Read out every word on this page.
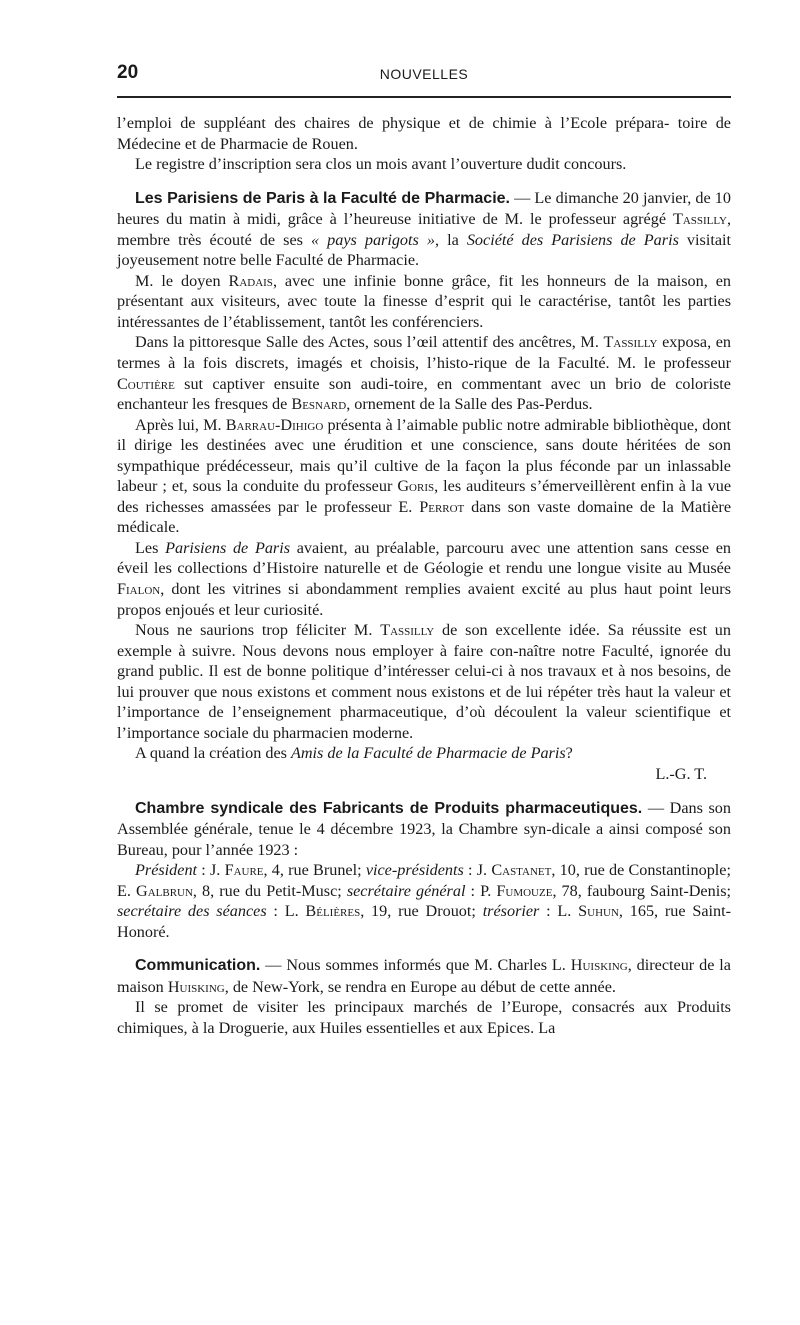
20	NOUVELLES

l’emploi de suppléant des chaires de physique et de chimie à l’Ecole prépara- toire de Médecine et de Pharmacie de Rouen.

Le registre d’inscription sera clos un mois avant l’ouverture dudit concours.

Les Parisiens de Paris à la Faculté de Pharmacie. — Le dimanche 20 janvier, de 10 heures du matin à midi, grâce à l’heureuse initiative de M. le professeur agrégé Tassilly, membre très écouté de ses « pays parigots », la Société des Parisiens de Paris visitait joyeusement notre belle Faculté de Pharmacie.

M. le doyen Radais, avec une infinie bonne grâce, fit les honneurs de la maison, en présentant aux visiteurs, avec toute la finesse d’esprit qui le caractérise, tantôt les parties intéressantes de l’établissement, tantôt les conférenciers.

Dans la pittoresque Salle des Actes, sous l’œil attentif des ancêtres, M. Tassilly exposa, en termes à la fois discrets, imagés et choisis, l’histo-rique de la Faculté. M. le professeur Coutière sut captiver ensuite son audi-toire, en commentant avec un brio de coloriste enchanteur les fresques de Besnard, ornement de la Salle des Pas-Perdus.

Après lui, M. Barrau-Dihigo présenta à l’aimable public notre admirable bibliothèque, dont il dirige les destinées avec une érudition et une conscience, sans doute héritées de son sympathique prédécesseur, mais qu’il cultive de la façon la plus féconde par un inlassable labeur ; et, sous la conduite du professeur Goris, les auditeurs s’émerveillèrent enfin à la vue des richesses amassées par le professeur E. Perrot dans son vaste domaine de la Matière médicale.

Les Parisiens de Paris avaient, au préalable, parcouru avec une attention sans cesse en éveil les collections d’Histoire naturelle et de Géologie et rendu une longue visite au Musée Fialon, dont les vitrines si abondamment remplies avaient excité au plus haut point leurs propos enjoués et leur curiosité.

Nous ne saurions trop féliciter M. Tassilly de son excellente idée. Sa réussite est un exemple à suivre. Nous devons nous employer à faire con-naître notre Faculté, ignorée du grand public. Il est de bonne politique d’intéresser celui-ci à nos travaux et à nos besoins, de lui prouver que nous existons et comment nous existons et de lui répéter très haut la valeur et l’importance de l’enseignement pharmaceutique, d’où découlent la valeur scientifique et l’importance sociale du pharmacien moderne.

A quand la création des Amis de la Faculté de Pharmacie de Paris?

L.-G. T.

Chambre syndicale des Fabricants de Produits pharmaceutiques. — Dans son Assemblée générale, tenue le 4 décembre 1923, la Chambre syn-dicale a ainsi composé son Bureau, pour l’année 1923 :

Président : J. Faure, 4, rue Brunel; vice-présidents : J. Castanet, 10, rue de Constantinople; E. Galbrun, 8, rue du Petit-Musc; secrétaire général : P. Fumouze, 78, faubourg Saint-Denis; secrétaire des séances : L. Bélières, 19, rue Drouot; trésorier : L. Suhun, 165, rue Saint-Honoré.

Communication. — Nous sommes informés que M. Charles L. Huisking, directeur de la maison Huisking, de New-York, se rendra en Europe au début de cette année.

Il se promet de visiter les principaux marchés de l’Europe, consacrés aux Produits chimiques, à la Droguerie, aux Huiles essentielles et aux Epices. La
